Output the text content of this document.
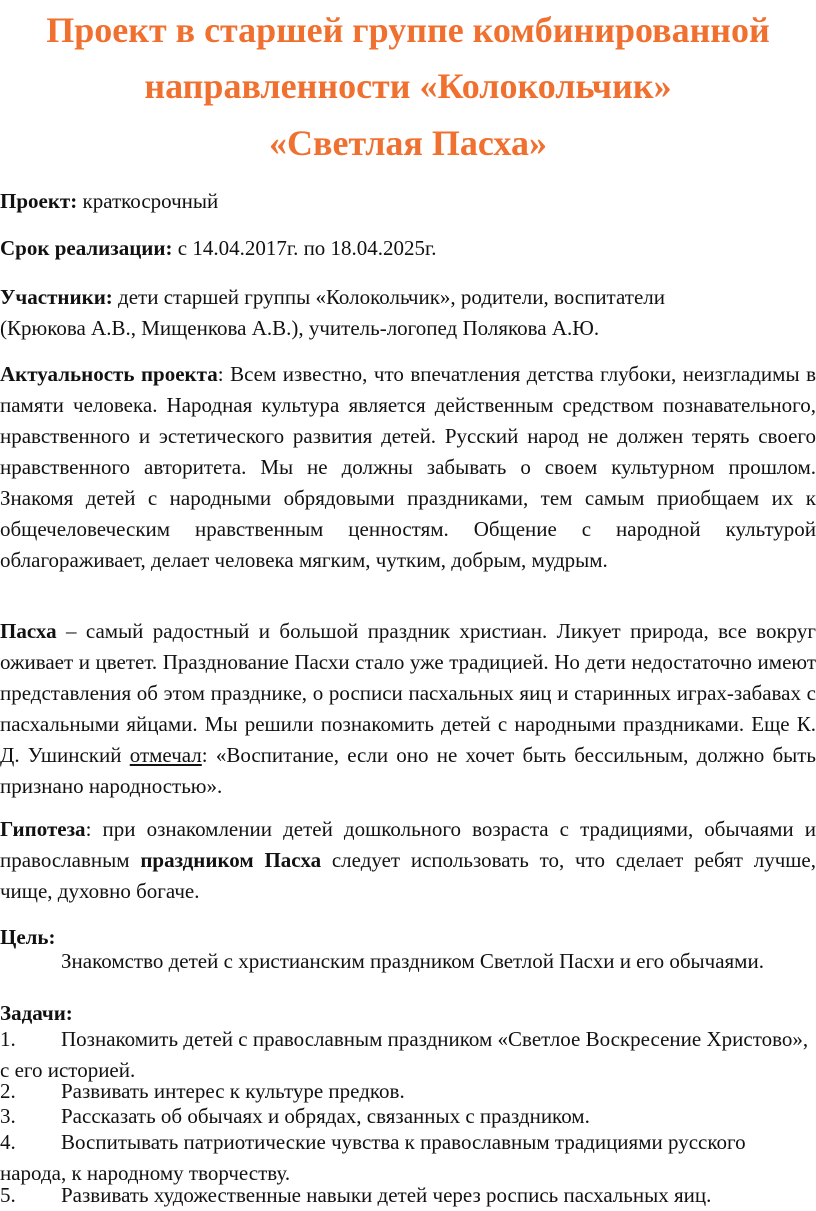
Проект в старшей группе комбинированной
направленности «Колокольчик»
«Светлая Пасха»

Проект: краткосрочный

Срок реализации: с 14.04.2017г. по 18.04.2025г.

Участники: дети старшей группы «Колокольчик», родители, воспитатели
(Крюкова А.В., Мищенкова А.В.), учитель-логопед Полякова А.Ю.

Актуальность проекта: Всем известно, что впечатления детства глубоки, неизгладимы в памяти человека. Народная культура является действенным средством познавательного, нравственного и эстетического развития детей. Русский народ не должен терять своего нравственного авторитета. Мы не должны забывать о своем культурном прошлом. Знакомя детей с народными обрядовыми праздниками, тем самым приобщаем их к общечеловеческим нравственным ценностям. Общение с народной культурой облагораживает, делает человека мягким, чутким, добрым, мудрым.

Пасха – самый радостный и большой праздник христиан. Ликует природа, все вокруг оживает и цветет. Празднование Пасхи стало уже традицией. Но дети недостаточно имеют представления об этом празднике, о росписи пасхальных яиц и старинных играх-забавах с пасхальными яйцами. Мы решили познакомить детей с народными праздниками. Еще К. Д. Ушинский отмечал: «Воспитание, если оно не хочет быть бессильным, должно быть признано народностью».

Гипотеза: при ознакомлении детей дошкольного возраста с традициями, обычаями и православным праздником Пасха следует использовать то, что сделает ребят лучше, чище, духовно богаче.

Цель:

Знакомство детей с христианским праздником Светлой Пасхи и его обычаями.

Задачи:

1. Познакомить детей с православным праздником «Светлое Воскресение Христово», с его историей.

2. Развивать интерес к культуре предков.

3. Рассказать об обычаях и обрядах, связанных с праздником.

4. Воспитывать патриотические чувства к православным традициями русского народа, к народному творчеству.

5. Развивать художественные навыки детей через роспись пасхальных яиц.
